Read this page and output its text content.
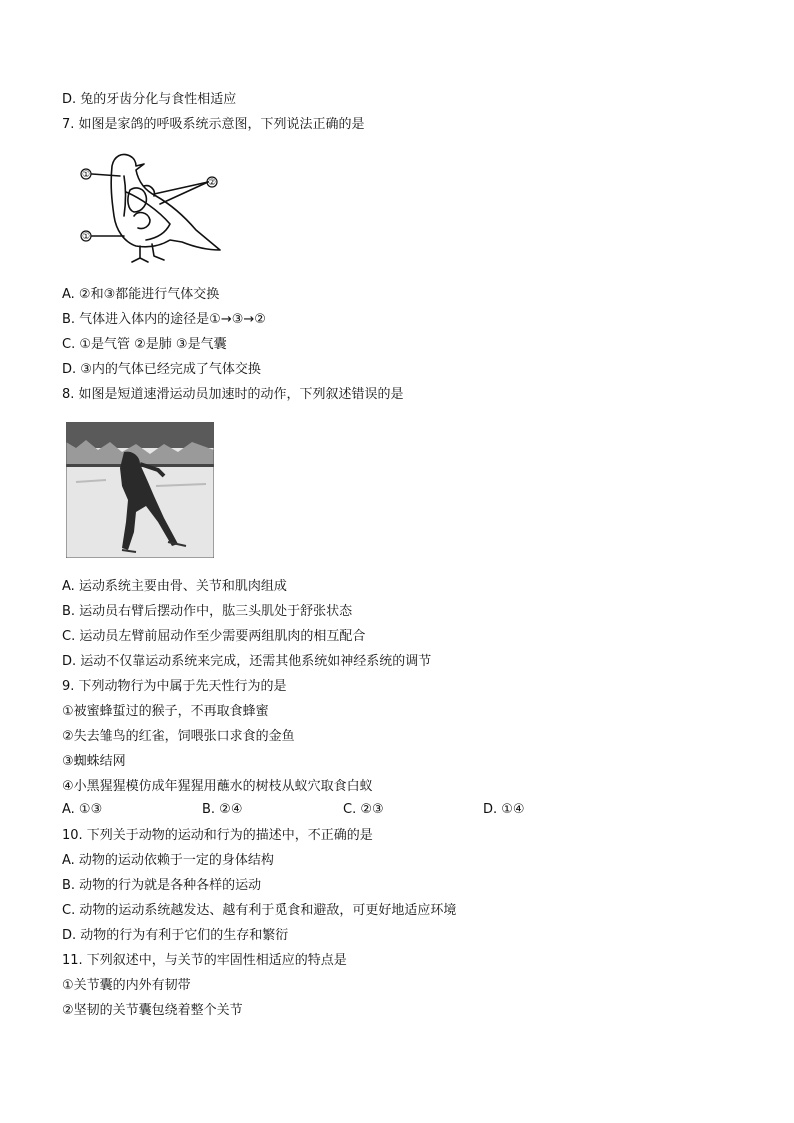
D. 兔的牙齿分化与食性相适应
7. 如图是家鸽的呼吸系统示意图，下列说法正确的是
①
②
①
A. ②和③都能进行气体交换
B. 气体进入体内的途径是①→③→②
C. ①是气管 ②是肺 ③是气囊
D. ③内的气体已经完成了气体交换
8. 如图是短道速滑运动员加速时的动作，下列叙述错误的是
A. 运动系统主要由骨、关节和肌肉组成
B. 运动员右臂后摆动作中，肱三头肌处于舒张状态
C. 运动员左臂前屈动作至少需要两组肌肉的相互配合
D. 运动不仅靠运动系统来完成，还需其他系统如神经系统的调节
9. 下列动物行为中属于先天性行为的是
①被蜜蜂蜇过的猴子，不再取食蜂蜜
②失去雏鸟的红雀，饲喂张口求食的金鱼
③蜘蛛结网
④小黑猩猩模仿成年猩猩用蘸水的树枝从蚁穴取食白蚁
A. ①③	B. ②④	C. ②③	D. ①④
10. 下列关于动物的运动和行为的描述中，不正确的是
A. 动物的运动依赖于一定的身体结构
B. 动物的行为就是各种各样的运动
C. 动物的运动系统越发达、越有利于觅食和避敌，可更好地适应环境
D. 动物的行为有利于它们的生存和繁衍
11. 下列叙述中，与关节的牢固性相适应的特点是
①关节囊的内外有韧带
②坚韧的关节囊包绕着整个关节
